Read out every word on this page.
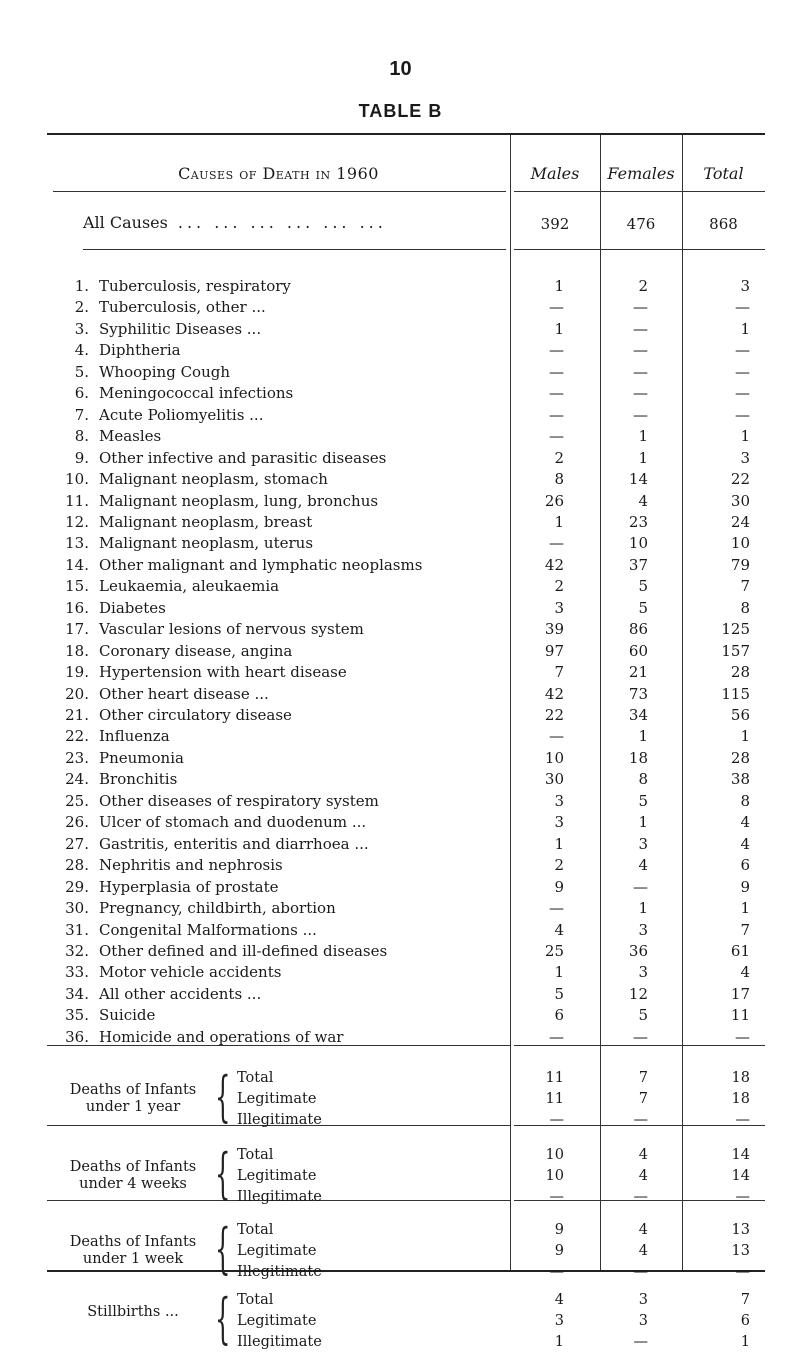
10
TABLE B
Causes of Death in 1960	Males	Females	Total
All Causes ... ... ... ... ... ...	392	476	868
1. Tuberculosis, respiratory	1	2	3
2. Tuberculosis, other ...	—	—	—
3. Syphilitic Diseases ...	1	—	1
4. Diphtheria	—	—	—
5. Whooping Cough	—	—	—
6. Meningococcal infections	—	—	—
7. Acute Poliomyelitis ...	—	—	—
8. Measles	—	1	1
9. Other infective and parasitic diseases	2	1	3
10. Malignant neoplasm, stomach	8	14	22
11. Malignant neoplasm, lung, bronchus	26	4	30
12. Malignant neoplasm, breast	1	23	24
13. Malignant neoplasm, uterus	—	10	10
14. Other malignant and lymphatic neoplasms	42	37	79
15. Leukaemia, aleukaemia	2	5	7
16. Diabetes	3	5	8
17. Vascular lesions of nervous system	39	86	125
18. Coronary disease, angina	97	60	157
19. Hypertension with heart disease	7	21	28
20. Other heart disease ...	42	73	115
21. Other circulatory disease	22	34	56
22. Influenza	—	1	1
23. Pneumonia	10	18	28
24. Bronchitis	30	8	38
25. Other diseases of respiratory system	3	5	8
26. Ulcer of stomach and duodenum ...	3	1	4
27. Gastritis, enteritis and diarrhoea ...	1	3	4
28. Nephritis and nephrosis	2	4	6
29. Hyperplasia of prostate	9	—	9
30. Pregnancy, childbirth, abortion	—	1	1
31. Congenital Malformations ...	4	3	7
32. Other defined and ill-defined diseases	25	36	61
33. Motor vehicle accidents	1	3	4
34. All other accidents ...	5	12	17
35. Suicide	6	5	11
36. Homicide and operations of war	—	—	—
Deaths of Infants under 1 year { Total	11	7	18
Legitimate	11	7	18
Illegitimate	—	—	—
Deaths of Infants under 4 weeks { Total	10	4	14
Legitimate	10	4	14
Illegitimate	—	—	—
Deaths of Infants under 1 week { Total	9	4	13
Legitimate	9	4	13
Illegitimate	—	—	—
Stillbirths ... { Total	4	3	7
Legitimate	3	3	6
Illegitimate	1	—	1
